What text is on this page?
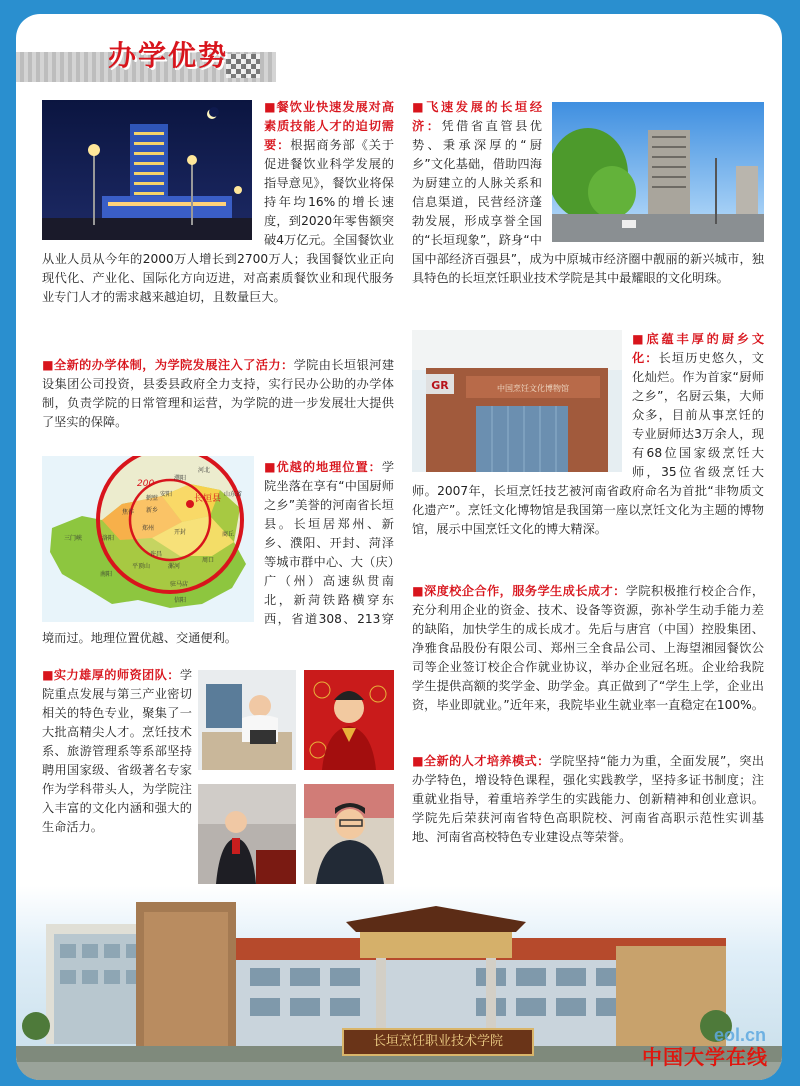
办学优势
■ 餐饮业快速发展对高素质技能人才的迫切需要：根据商务部《关于促进餐饮业科学发展的指导意见》，餐饮业将保持年均16%的增长速度，到2020年零售额突破4万亿元。全国餐饮业从业人员从今年的2000万人增长到2700万人；我国餐饮业正向现代化、产业化、国际化方向迈进，对高素质餐饮业和现代服务业专门人才的需求越来越迫切，且数量巨大。
■ 全新的办学体制，为学院发展注入了活力：学院由长垣银河建设集团公司投资，县委县政府全力支持，实行民办公助的办学体制，负责学院的日常管理和运营，为学院的进一步发展壮大提供了坚实的保障。
长垣县
200
濮阳
新乡
郑州
开封
山东省
河北
安阳
鹤壁
焦作
许昌
洛阳
三门峡
漯河
平顶山
南阳
驻马店
信阳
周口
商丘
■ 优越的地理位置：学院坐落在享有“中国厨师之乡”美誉的河南省长垣县。长垣居郑州、新乡、濮阳、开封、菏泽等城市群中心、大（庆）广（州）高速纵贯南北，新菏铁路横穿东西，省道308、213穿境而过。地理位置优越、交通便利。
■ 实力雄厚的师资团队：学院重点发展与第三产业密切相关的特色专业，聚集了一大批高精尖人才。烹饪技术系、旅游管理系等系部坚持聘用国家级、省级著名专家作为学科带头人，为学院注入丰富的文化内涵和强大的生命活力。
■ 飞速发展的长垣经济：凭借省直管县优势、秉承深厚的“厨乡”文化基础，借助四海为厨建立的人脉关系和信息渠道，民营经济蓬勃发展，形成享誉全国的“长垣现象”，跻身“中国中部经济百强县”，成为中原城市经济圈中靓丽的新兴城市，独具特色的长垣烹饪职业技术学院是其中最耀眼的文化明珠。
中国烹饪文化博物馆
GR
■ 底蕴丰厚的厨乡文化：长垣历史悠久，文化灿烂。作为首家“厨师之乡”，名厨云集，大师众多，目前从事烹饪的专业厨师达3万余人，现有68位国家级烹饪大师，35位省级烹饪大师。2007年，长垣烹饪技艺被河南省政府命名为首批“非物质文化遗产”。烹饪文化博物馆是我国第一座以烹饪文化为主题的博物馆，展示中国烹饪文化的博大精深。
■ 深度校企合作，服务学生成长成才：学院积极推行校企合作，充分利用企业的资金、技术、设备等资源，弥补学生动手能力差的缺陷，加快学生的成长成才。先后与唐宫（中国）控股集团、净雅食品股份有限公司、郑州三全食品公司、上海望湘园餐饮公司等企业签订校企合作就业协议，举办企业冠名班。企业给我院学生提供高额的奖学金、助学金。真正做到了“学生上学，企业出资，毕业即就业。”近年来，我院毕业生就业率一直稳定在100%。
■ 全新的人才培养模式：学院坚持“能力为重，全面发展”，突出办学特色，增设特色课程，强化实践教学，坚持多证书制度；注重就业指导，着重培养学生的实践能力、创新精神和创业意识。学院先后荣获河南省特色高职院校、河南省高职示范性实训基地、河南省高校特色专业建设点等荣誉。
长垣烹饪职业技术学院	eol.cn
中国大学在线
